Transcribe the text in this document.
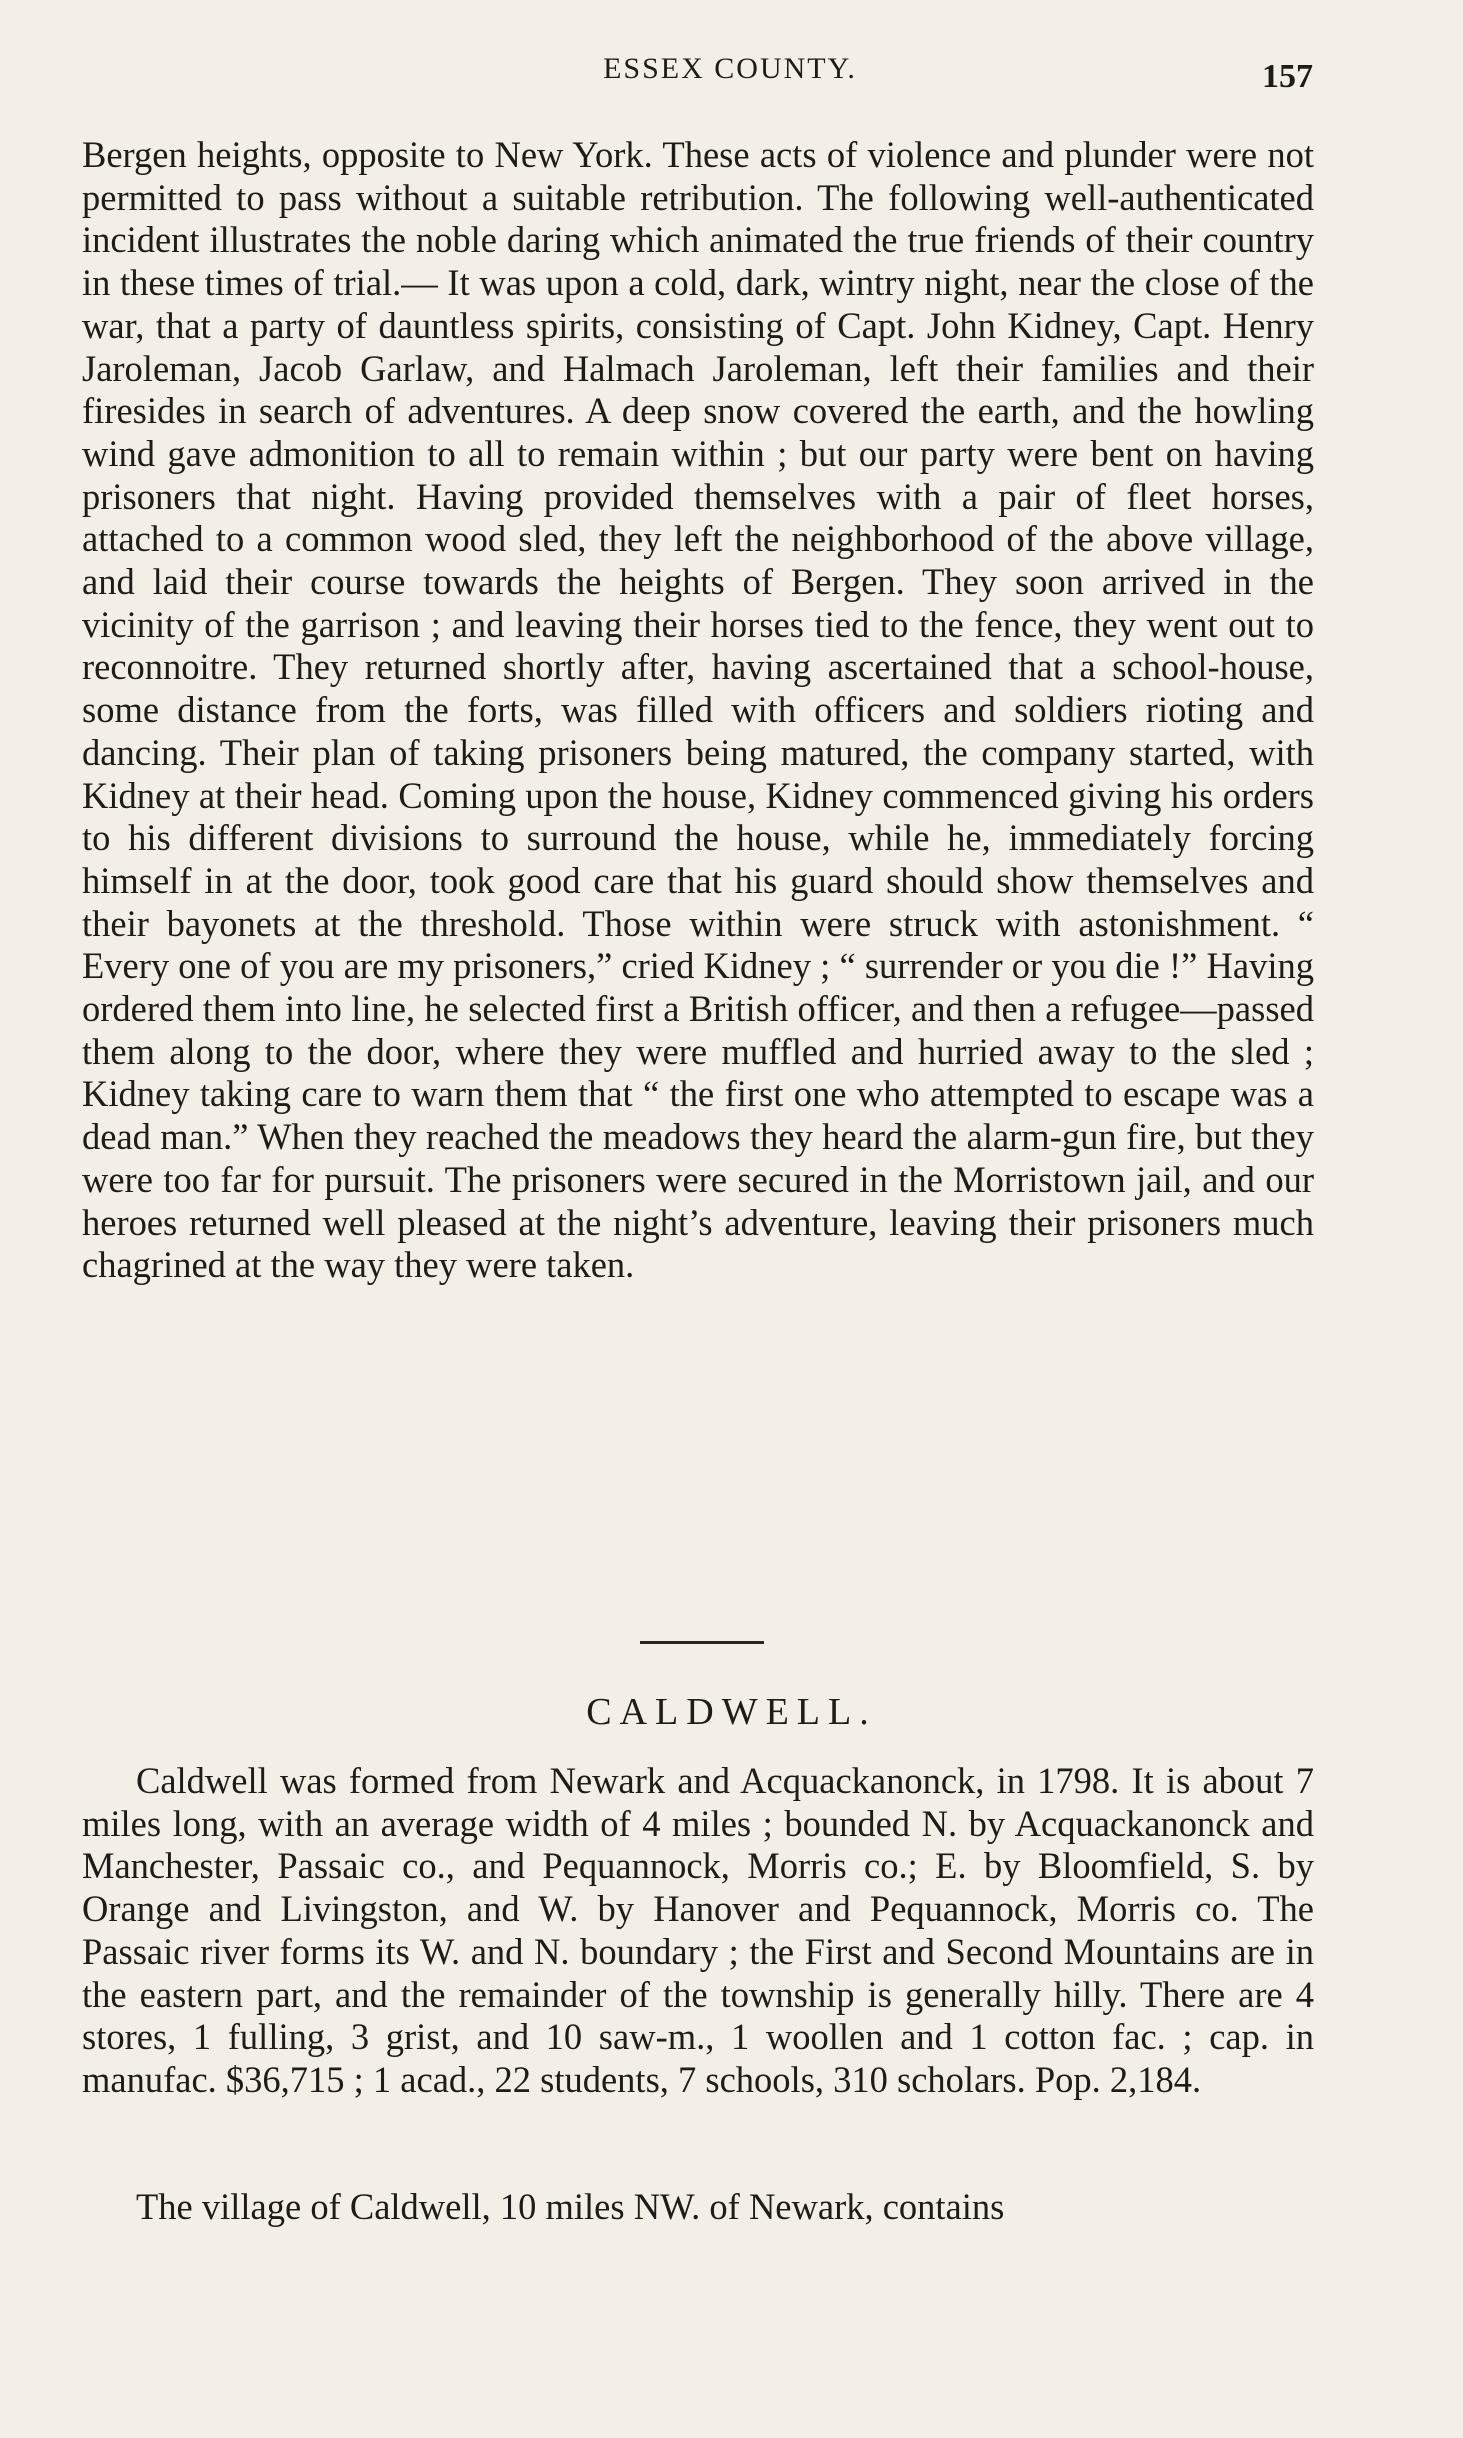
ESSEX COUNTY.	157

Bergen heights, opposite to New York. These acts of violence and plunder were not permitted to pass without a suitable retribution. The following well-authenticated incident illustrates the noble daring which animated the true friends of their country in these times of trial.— It was upon a cold, dark, wintry night, near the close of the war, that a party of dauntless spirits, consisting of Capt. John Kidney, Capt. Henry Jaroleman, Jacob Garlaw, and Halmach Jaroleman, left their families and their firesides in search of adventures. A deep snow covered the earth, and the howling wind gave admonition to all to remain within ; but our party were bent on having prisoners that night. Having provided themselves with a pair of fleet horses, attached to a common wood sled, they left the neighborhood of the above village, and laid their course towards the heights of Bergen. They soon arrived in the vicinity of the garrison ; and leaving their horses tied to the fence, they went out to reconnoitre. They returned shortly after, having ascertained that a school-house, some distance from the forts, was filled with officers and soldiers rioting and dancing. Their plan of taking prisoners being matured, the company started, with Kidney at their head. Coming upon the house, Kidney commenced giving his orders to his different divisions to surround the house, while he, immediately forcing himself in at the door, took good care that his guard should show themselves and their bayonets at the threshold. Those within were struck with astonishment. “ Every one of you are my prisoners,” cried Kidney ; “ surrender or you die !” Having ordered them into line, he selected first a British officer, and then a refugee—passed them along to the door, where they were muffled and hurried away to the sled ; Kidney taking care to warn them that “ the first one who attempted to escape was a dead man.” When they reached the meadows they heard the alarm-gun fire, but they were too far for pursuit. The prisoners were secured in the Morristown jail, and our heroes returned well pleased at the night’s adventure, leaving their prisoners much chagrined at the way they were taken.

CALDWELL.

Caldwell was formed from Newark and Acquackanonck, in 1798. It is about 7 miles long, with an average width of 4 miles ; bounded N. by Acquackanonck and Manchester, Passaic co., and Pequannock, Morris co.; E. by Bloomfield, S. by Orange and Livingston, and W. by Hanover and Pequannock, Morris co. The Passaic river forms its W. and N. boundary ; the First and Second Mountains are in the eastern part, and the remainder of the township is generally hilly. There are 4 stores, 1 fulling, 3 grist, and 10 saw-m., 1 woollen and 1 cotton fac. ; cap. in manufac. $36,715 ; 1 acad., 22 students, 7 schools, 310 scholars. Pop. 2,184.

The village of Caldwell, 10 miles NW. of Newark, contains
